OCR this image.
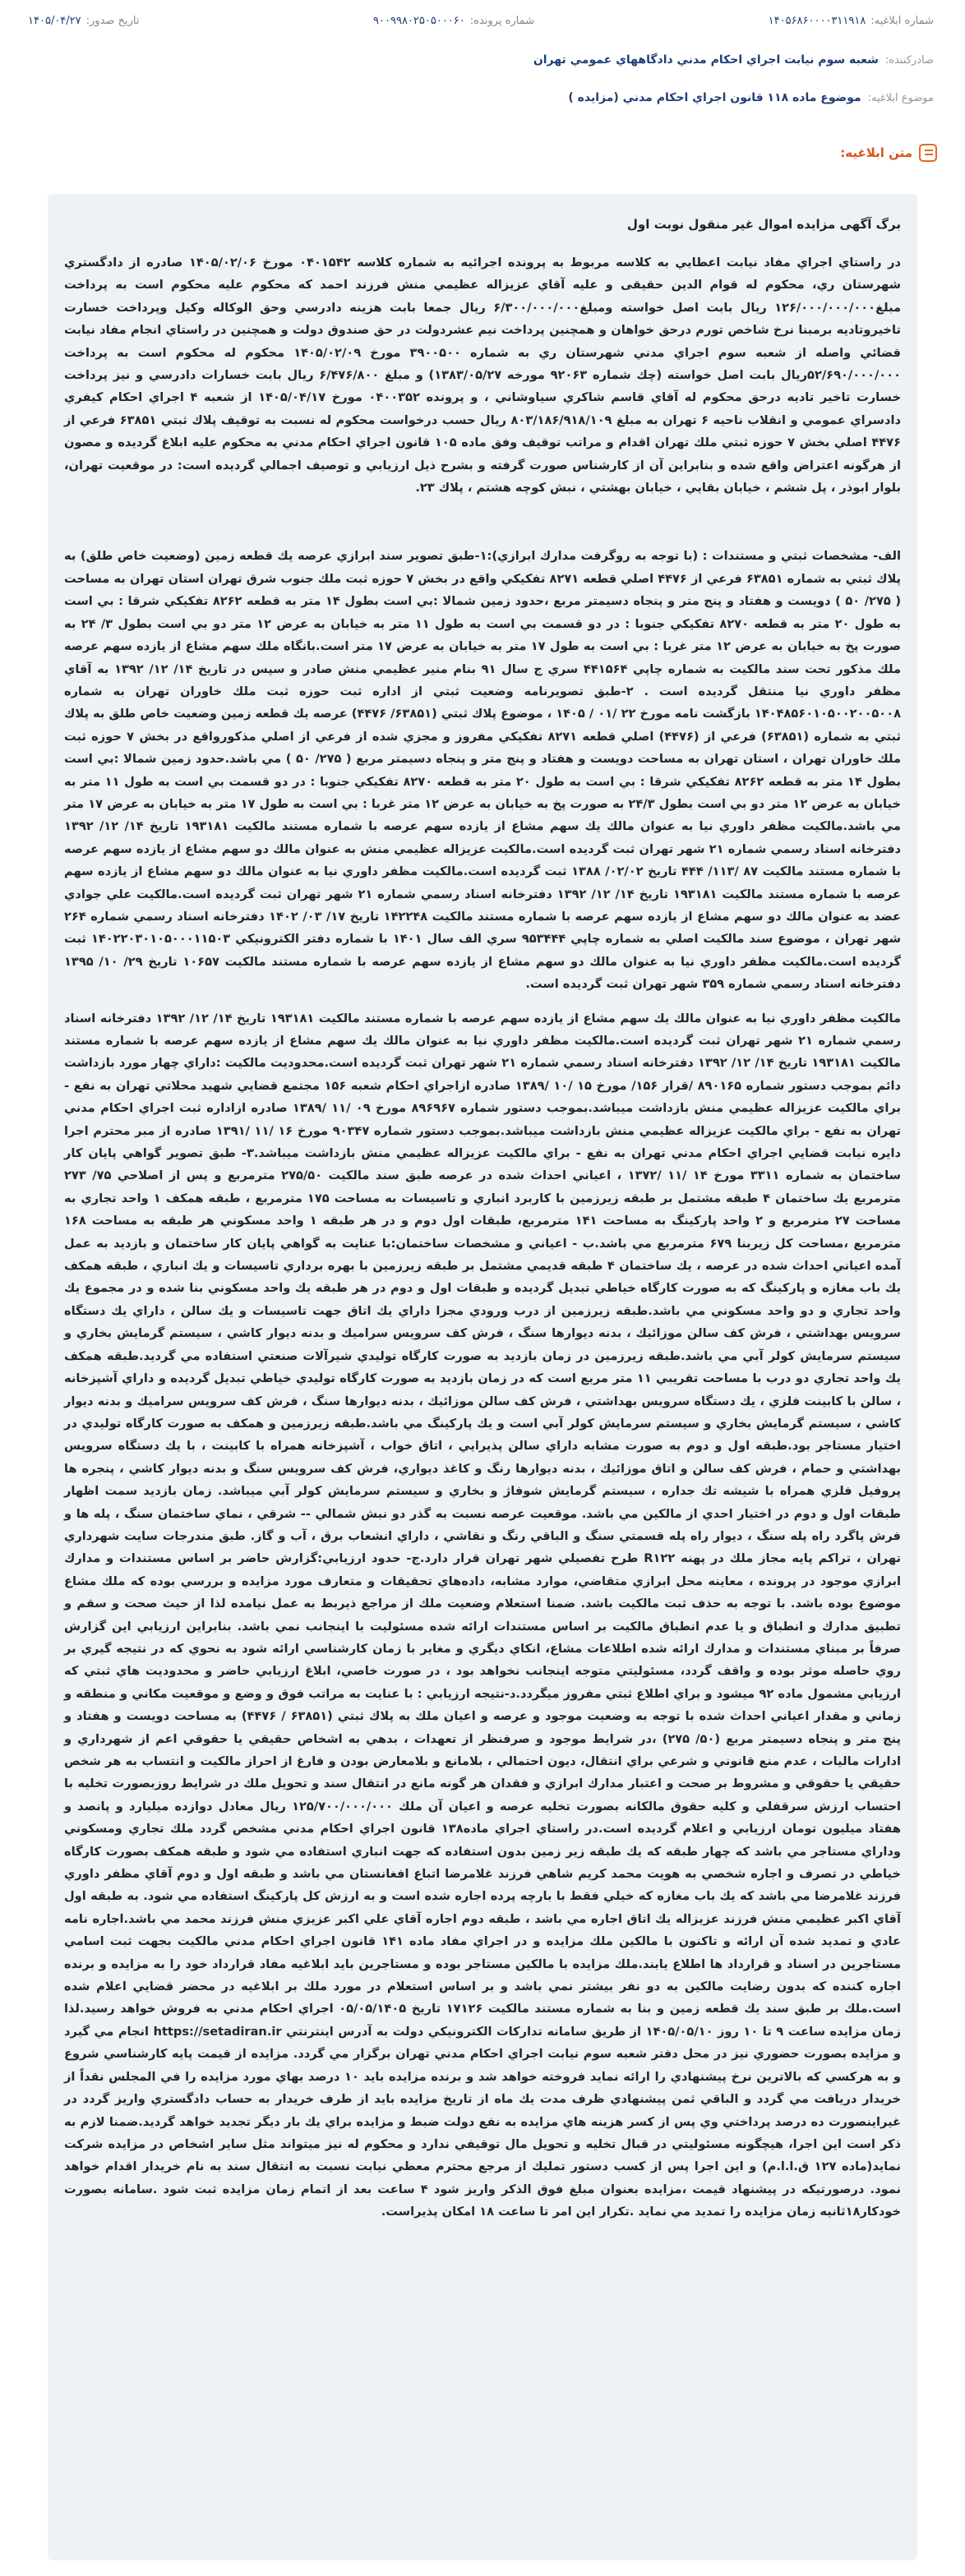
شماره ابلاغیه:
۱۴۰۵۶۸۶۰۰۰۰۳۱۱۹۱۸
شماره پرونده:
۹۰۰۹۹۸۰۲۵۰۵۰۰۰۶۰
تاریخ صدور:
۱۴۰۵/۰۴/۲۷
صادرکننده:
شعبه سوم نيابت اجراي احكام مدني دادگاههاي عمومي تهران
موضوع ابلاغیه:
موضوع ماده ۱۱۸ قانون اجراي احكام مدني (مزايده )
متن ابلاغیه:
برگ آگهی مزایده اموال غیر منقول نوبت اول

در راستاي اجراي مفاد نيابت اعطايي به كلاسه مربوط به پرونده اجرائيه به شماره كلاسه ۰۴۰۱۵۴۲ مورخ ۱۴۰۵/۰۲/۰۶ صادره از دادگستري شهرستان ري، محكوم له قوام الدين حقيقى و عليه آقاي عزيزاله عظيمي منش فرزند احمد كه محكوم عليه محكوم است به پرداخت مبلغ۱۲۶/۰۰۰/۰۰۰/۰۰۰ ريال بابت اصل خواسته ومبلغ۶/۳۰۰/۰۰۰/۰۰۰ ريال جمعا بابت هزينه دادرسي وحق الوكاله وكيل وپرداخت خسارت تاخيروتاديه برمبنا نرخ شاخص تورم درحق خواهان و همچنين پرداخت نيم عشردولت در حق صندوق دولت و همچنين در راستاي انجام مفاد نيابت قضائي واصله از شعبه سوم اجراي مدني شهرستان ري به شماره ۳۹۰۰۵۰۰ مورخ ۱۴۰۵/۰۲/۰۹ محكوم له محكوم است به پرداخت ۵۲/۶۹۰/۰۰۰/۰۰۰ريال بابت اصل خواسته (چك شماره ۹۲۰۶۳ مورخه ۱۳۸۳/۰۵/۲۷) و مبلغ ۶/۴۷۶/۸۰۰ ريال بابت خسارات دادرسي و نيز پرداخت خسارت تاخير تاديه درحق محكوم له آقاي قاسم شاكري سياوشاني ، و پرونده ۰۴۰۰۳۵۲ مورخ ۱۴۰۵/۰۴/۱۷ از شعبه ۴ اجراي احكام كيفري دادسراي عمومي و انقلاب ناحيه ۶ تهران به مبلغ ۸۰۳/۱۸۶/۹۱۸/۱۰۹ ريال حسب درخواست محكوم له نسبت به توقيف پلاك ثبتي ۶۳۸۵۱ فرعي از ۴۴۷۶ اصلي بخش ۷ حوزه ثبتي ملك تهران اقدام و مراتب توقيف وفق ماده ۱۰۵ قانون اجراي احكام مدني به محكوم عليه ابلاغ گرديده و مصون از هرگونه اعتراض واقع شده و بنابراين آن از كارشناس صورت گرفته و بشرح ذيل ارزيابي و توصيف اجمالي گرديده است: در موقعيت تهران، بلوار ابوذر ، پل ششم ، خيابان بقايي ، خيابان بهشتي ، نبش كوچه هشتم ، پلاك ۲۳.

الف- مشخصات ثبتي و مستندات : (با توجه به روگرفت مدارك ابرازي):۱-طبق تصوير سند ابرازي عرصه يك قطعه زمين (وضعيت خاص طلق) به پلاك ثبتي به شماره ۶۳۸۵۱ فرعي از ۴۴۷۶ اصلي قطعه ۸۲۷۱ تفكيكي واقع در بخش ۷ حوزه ثبت ملك جنوب شرق تهران استان تهران به مساحت ( ۲۷۵/ ۵۰ ) دويست و هفتاد و پنج متر و پنجاه دسيمتر مربع ،حدود زمين شمالا :بي است بطول ۱۴ متر به قطعه ۸۲۶۲ تفكيكي شرقا : بي است به طول ۲۰ متر به قطعه ۸۲۷۰ تفكيكي جنوبا : در دو قسمت بي است به طول ۱۱ متر به خيابان به عرض ۱۲ متر دو بي است بطول ۳/ ۲۴ به صورت پخ به خيابان به عرض ۱۲ متر غربا : بي است به طول ۱۷ متر به خيابان به عرض ۱۷ متر است.بانگاه ملك سهم مشاع از يازده سهم عرصه ملك مذكور تحت سند مالكيت به شماره چاپي ۴۴۱۵۶۴ سري ج سال ۹۱ بنام منير عظيمي منش صادر و سپس در تاريخ ۱۴/ ۱۲/ ۱۳۹۲ به آقاي مظفر داوري نيا منتقل گرديده است . ۲-طبق تصويرنامه وضعيت ثبتي از اداره ثبت حوزه ثبت ملك خاوران تهران به شماره ۱۴۰۴۸۵۶۰۱۰۵۰۰۲۰۰۵۰۰۸ بازگشت نامه مورخ ۲۲ /۰۱ / ۱۴۰۵ ، موضوع پلاك ثبتي (۶۳۸۵۱/ ۴۴۷۶) عرصه يك قطعه زمين وضعيت خاص طلق به پلاك ثبتي به شماره (۶۳۸۵۱) فرعي از (۴۴۷۶) اصلي قطعه ۸۲۷۱ تفكيكي مفروز و مجزي شده از فرعي از اصلي مذكورواقع در بخش ۷ حوزه ثبت ملك خاوران تهران ، استان تهران به مساحت دويست و هفتاد و پنج متر و پنجاه دسيمتر مربع ( ۲۷۵/ ۵۰ ) مي باشد.حدود زمين شمالا :بي است بطول ۱۴ متر به قطعه ۸۲۶۲ تفكيكي شرقا : بي است به طول ۲۰ متر به قطعه ۸۲۷۰ تفكيكي جنوبا : در دو قسمت بي است به طول ۱۱ متر به خيابان به عرض ۱۲ متر دو بي است بطول ۲۴/۳ به صورت پخ به خيابان به عرض ۱۲ متر غربا : بي است به طول ۱۷ متر به خيابان به عرض ۱۷ متر مي باشد.مالكيت مظفر داوري نيا به عنوان مالك يك سهم مشاع از يازده سهم عرصه با شماره مستند مالكيت ۱۹۳۱۸۱ تاريخ ۱۴/ ۱۲/ ۱۳۹۲ دفترخانه اسناد رسمي شماره ۲۱ شهر تهران ثبت گرديده است.مالكيت عزيزاله عظيمي منش به عنوان مالك دو سهم مشاع از يازده سهم عرصه با شماره مستند مالكيت ۸۷ /۱۱۳/ ۴۴۴ تاريخ ۰۲/۰۲/ ۱۳۸۸ ثبت گرديده است.مالكيت مظفر داوري نيا به عنوان مالك دو سهم مشاع از يازده سهم عرصه با شماره مستند مالكيت ۱۹۳۱۸۱ تاريخ ۱۴/ ۱۲/ ۱۳۹۲ دفترخانه اسناد رسمي شماره ۲۱ شهر تهران ثبت گرديده است.مالكيت علي جوادي عضد به عنوان مالك دو سهم مشاع از يازده سهم عرصه با شماره مستند مالكيت ۱۴۲۲۴۸ تاريخ ۱۷/ ۰۳/ ۱۴۰۲ دفترخانه اسناد رسمي شماره ۲۶۴ شهر تهران ، موضوع سند مالكيت اصلي به شماره چاپي ۹۵۳۴۴۴ سري الف سال ۱۴۰۱ با شماره دفتر الكترونيكي ۱۴۰۲۲۰۳۰۱۰۵۰۰۰۱۱۵۰۳ ثبت گرديده است.مالكيت مظفر داوري نيا به عنوان مالك دو سهم مشاع از يازده سهم عرصه با شماره مستند مالكيت ۱۰۶۵۷ تاريخ ۲۹/ ۱۰/ ۱۳۹۵ دفترخانه اسناد رسمي شماره ۳۵۹ شهر تهران ثبت گرديده است.

مالكيت مظفر داوري نيا به عنوان مالك يك سهم مشاع از يازده سهم عرصه با شماره مستند مالكيت ۱۹۳۱۸۱ تاريخ ۱۴/ ۱۲/ ۱۳۹۲ دفترخانه اسناد رسمي شماره ۲۱ شهر تهران ثبت گرديده است.مالكيت مظفر داوري نيا به عنوان مالك يك سهم مشاع از يازده سهم عرصه با شماره مستند مالكيت ۱۹۳۱۸۱ تاريخ ۱۴/ ۱۲/ ۱۳۹۲ دفترخانه اسناد رسمي شماره ۲۱ شهر تهران ثبت گرديده است.محدوديت مالكيت :داراي چهار مورد بازداشت دائم بموجب دستور شماره ۸۹۰۱۶۵ /قرار ۱۵۶/ مورخ ۱۵ /۱۰ /۱۳۸۹ صادره ازاجراي احكام شعبه ۱۵۶ مجتمع قضايي شهيد محلاتي تهران به نفع - براي مالكيت عزيزاله عظيمي منش بازداشت ميباشد.بموجب دستور شماره ۸۹۶۹۶۷ مورخ ۰۹ /۱۱ /۱۳۸۹ صادره ازاداره ثبت اجراي احكام مدني تهران به نفع - براي مالكيت عزيزاله عظيمي منش بازداشت ميباشد.بموجب دستور شماره ۹۰۳۴۷ مورخ ۱۶ /۱۱ /۱۳۹۱ صادره از مبر محترم اجرا دايره نيابت قضايي اجراي احكام مدني تهران به نفع - براي مالكيت عزيزاله عظيمي منش بازداشت ميباشد.۳- طبق تصوير گواهي پايان كار ساختمان به شماره ۳۳۱۱ مورخ ۱۴ /۱۱ /۱۳۷۲ ، اعياني احداث شده در عرصه طبق سند مالكيت ۲۷۵/۵۰ مترمربع و پس از اصلاحي ۷۵/ ۲۷۳ مترمربع يك ساختمان ۴ طبقه مشتمل بر طبقه زيرزمين با كاربرد انباري و تاسيسات به مساحت ۱۷۵ مترمربع ، طبقه همكف ۱ واحد تجاري به مساحت ۲۷ مترمربع و ۲ واحد پاركينگ به مساحت ۱۴۱ مترمربع، طبقات اول دوم و در هر طبقه ۱ واحد مسكوني هر طبقه به مساحت ۱۶۸ مترمربع ،مساحت كل زيربنا ۶۷۹ مترمربع مي باشد.ب - اعياني و مشخصات ساختمان:با عنايت به گواهي پايان كار ساختمان و بازديد به عمل آمده اعياني احداث شده در عرصه ، يك ساختمان ۴ طبقه قديمي مشتمل بر طبقه زيرزمين با بهره برداري تاسيسات و يك انباري ، طبقه همكف يك باب مغازه و پاركينگ كه به صورت كارگاه خياطي تبديل گرديده و طبقات اول و دوم در هر طبقه يك واحد مسكوني بنا شده و در مجموع يك واحد تجاري و دو واحد مسكوني مي باشد.طبقه زيرزمين از درب ورودي مجزا داراي يك اتاق جهت تاسيسات و يك سالن ، داراي يك دستگاه سرويس بهداشتي ، فرش كف سالن موزائيك ، بدنه ديوارها سنگ ، فرش كف سرويس سراميك و بدنه ديوار كاشي ، سيستم گرمايش بخاري و سيستم سرمايش كولر آبي مي باشد.طبقه زيرزمين در زمان بازديد به صورت كارگاه توليدي شيرآلات صنعتي استفاده مي گرديد.طبقه همكف يك واحد تجاري دو درب با مساحت تقريبي ۱۱ متر مربع است كه در زمان بازديد به صورت كارگاه توليدي خياطي تبديل گرديده و داراي آشپزخانه ، سالن با كابينت فلزي ، يك دستگاه سرويس بهداشتي ، فرش كف سالن موزائيك ، بدنه ديوارها سنگ ، فرش كف سرويس سراميك و بدنه ديوار كاشي ، سيستم گرمايش بخاري و سيستم سرمايش كولر آبي است و يك پاركينگ مي باشد.طبقه زيرزمين و همكف به صورت كارگاه توليدي در اختيار مستاجر بود.طبقه اول و دوم به صورت مشابه داراي سالن پذيرايي ، اتاق خواب ، آشپزخانه همراه با كابينت ، با يك دستگاه سرويس بهداشتي و حمام ، فرش كف سالن و اتاق موزائيك ، بدنه ديوارها رنگ و كاغذ ديواري، فرش كف سرويس سنگ و بدنه ديوار كاشي ، پنجره ها پروفيل فلزي همراه با شيشه تك جداره ، سيستم گرمايش شوفاژ و بخاري و سيستم سرمايش كولر آبي ميباشد. زمان بازديد سمت اظهار طبقات اول و دوم در اختيار احدي از مالكين مي باشد. موقعيت عرصه نسبت به گذر دو نبش شمالي -- شرقي ، نماي ساختمان سنگ ، پله ها و فرش پاگرد راه پله سنگ ، ديوار راه پله قسمتي سنگ و الباقي رنگ و نقاشي ، داراي انشعاب برق ، آب و گاز. طبق مندرجات سايت شهرداري تهران ، تراكم پايه مجاز ملك در پهنه R۱۲۲ طرح تفصيلي شهر تهران قرار دارد.ج- حدود ارزيابي:گزارش حاضر بر اساس مستندات و مدارك ابرازي موجود در پرونده ، معاينه محل ابرازي متقاضي، موارد مشابه، داده‌هاي تحقيقات و متعارف مورد مزايده و بررسي بوده كه ملك مشاع موضوع بوده باشد. با توجه به حذف ثبت مالكيت باشد. ضمنا استعلام وضعيت ملك از مراجع ذيربط به عمل نيامده لذا از حيث صحت و سقم و تطبيق مدارك و انطباق و يا عدم انطباق مالكيت بر اساس مستندات ارائه شده مسئوليت با اينجانب نمي باشد. بنابراين ارزيابي اين گزارش صرفاً بر مبناي مستندات و مدارك ارائه شده اطلاعات مشاع، انكاي ديگري و مغاير با زمان كارشناسي ارائه شود به نحوي كه در نتيجه گيري بر روي حاصله موثر بوده و واقف گردد، مسئوليتي متوجه اينجانب نخواهد بود ، در صورت خاصي، ابلاغ ارزيابي حاضر و محدوديت هاي ثبتي كه ارزيابي مشمول ماده ۹۲ ميشود و براي اطلاع ثبتي مفروز ميگردد.د-نتيجه ارزيابي : با عنايت به مراتب فوق و وضع و موقعيت مكاني و منطقه و زماني و مقدار اعياني احداث شده با توجه به وضعيت موجود و عرصه و اعيان ملك به پلاك ثبتي (۶۳۸۵۱ / ۴۴۷۶) به مساحت دويست و هفتاد و پنج متر و پنجاه دسيمتر مربع (۵۰/ ۲۷۵) ،در شرايط موجود و صرفنظر از تعهدات ، بدهي به اشخاص حقيقي يا حقوقي اعم از شهرداري و ادارات ماليات ، عدم منع قانوني و شرعي براي انتقال، ديون احتمالي ، بلامانع و بلامعارض بودن و فارغ از احراز مالكيت و انتساب به هر شخص حقيقي يا حقوقي و مشروط بر صحت و اعتبار مدارك ابرازي و فقدان هر گونه مانع در انتقال سند و تحويل ملك در شرايط روزبصورت تخليه با احتساب ارزش سرقفلي و كليه حقوق مالكانه بصورت تخليه عرصه و اعيان آن ملك ۱۲۵/۷۰۰/۰۰۰/۰۰۰ ريال معادل دوازده ميليارد و پانصد و هفتاد ميليون تومان ارزيابي و اعلام گرديده است.در راستاي اجراي ماده۱۳۸ قانون اجراي احكام مدني مشخص گردد ملك تجاري ومسكوني وداراي مستاجر مي باشد كه چهار طبقه كه يك طبقه زير زمين بدون استفاده كه جهت انباري استفاده مي شود و طبقه همكف بصورت كارگاه خياطي در تصرف و اجاره شخصي به هويت محمد كريم شاهي فرزند غلامرضا اتباع افغانستان مي باشد و طبقه اول و دوم آقاي مظفر داوري فرزند غلامرضا مي باشد كه يك باب مغازه كه خيلي فقط با بارچه پرده اجاره شده است و به ارزش كل پاركينگ استفاده مي شود. به طبقه اول آقاي اكبر عظيمي منش فرزند عزيزاله يك اتاق اجاره مي باشد ، طبقه دوم اجاره آقاي علي اكبر عزيزي منش فرزند محمد مي باشد.اجاره نامه عادي و تمديد شده آن ارائه و تاكنون با مالكين ملك مزايده و در اجراي مفاد ماده ۱۴۱ قانون اجراي احكام مدني مالكيت بجهت ثبت اسامي مستاجرين در اسناد و قرارداد ها اطلاع يابند.ملك مزايده با مالكين مستاجر بوده و مستاجرين بايد ابلاغيه مفاد قرارداد خود را به مزايده و برنده اجاره كننده كه بدون رضايت مالكين به دو نفر بيشتر نمي باشد و بر اساس استعلام در مورد ملك بر ابلاغيه در محضر قضايي اعلام شده است.ملك بر طبق سند يك قطعه زمين و بنا به شماره مستند مالكيت ۱۷۱۲۶ تاريخ ۰۵/۰۵/۱۴۰۵ اجراي احكام مدني به فروش خواهد رسيد.لذا زمان مزايده ساعت ۹ تا ۱۰ روز ۱۴۰۵/۰۵/۱۰ از طريق سامانه تداركات الكترونيكي دولت به آدرس اينترنتي https://setadiran.ir انجام مي گيرد و مزايده بصورت حضوري نيز در محل دفتر شعبه سوم نيابت اجراي احكام مدني تهران برگزار مي گردد. مزايده از قيمت پايه كارشناسي شروع و به هركسي كه بالاترين نرخ پيشنهادي را ارائه نمايد فروخته خواهد شد و برنده مزايده بايد ۱۰ درصد بهاي مورد مزايده را في المجلس نقداً از خريدار دريافت مي گردد و الباقي ثمن پيشنهادي ظرف مدت يك ماه از تاريخ مزايده بايد از طرف خريدار به حساب دادگستري واريز گردد در غيراينصورت ده درصد پرداختي وي پس از كسر هزينه هاي مزايده به نفع دولت ضبط و مزايده براي يك بار ديگر تجديد خواهد گرديد.ضمنا لازم به ذكر است اين اجرا، هيچگونه مسئوليتي در قبال تخليه و تحويل مال توقيفي ندارد و محكوم له نيز ميتواند مثل ساير اشخاص در مزايده شركت نمايد(ماده ۱۲۷ ق.ا.ا.م) و اين اجرا پس از كسب دستور تمليك از مرجع محترم معطي نيابت نسبت به انتقال سند به نام خريدار اقدام خواهد نمود. درصورتيكه در پيشنهاد قيمت ،مزايده بعنوان مبلغ فوق الذكر واريز شود ۴ ساعت بعد از اتمام زمان مزايده ثبت شود .سامانه بصورت خودكار۱۸ثانيه زمان مزايده را تمديد مي نمايد .تكرار اين امر تا ساعت ۱۸ امكان پذيراست.
